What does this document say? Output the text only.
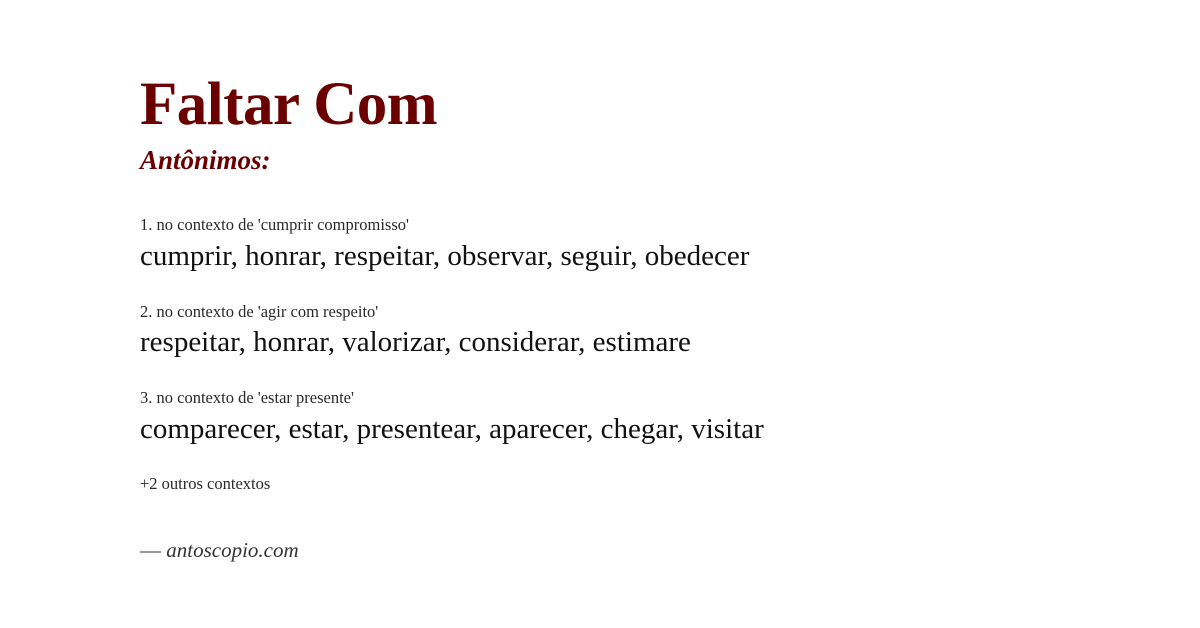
Faltar Com
Antônimos:

1. no contexto de 'cumprir compromisso'

cumprir, honrar, respeitar, observar, seguir, obedecer

2. no contexto de 'agir com respeito'

respeitar, honrar, valorizar, considerar, estimare

3. no contexto de 'estar presente'

comparecer, estar, presentear, aparecer, chegar, visitar

+2 outros contextos
— antoscopio.com
